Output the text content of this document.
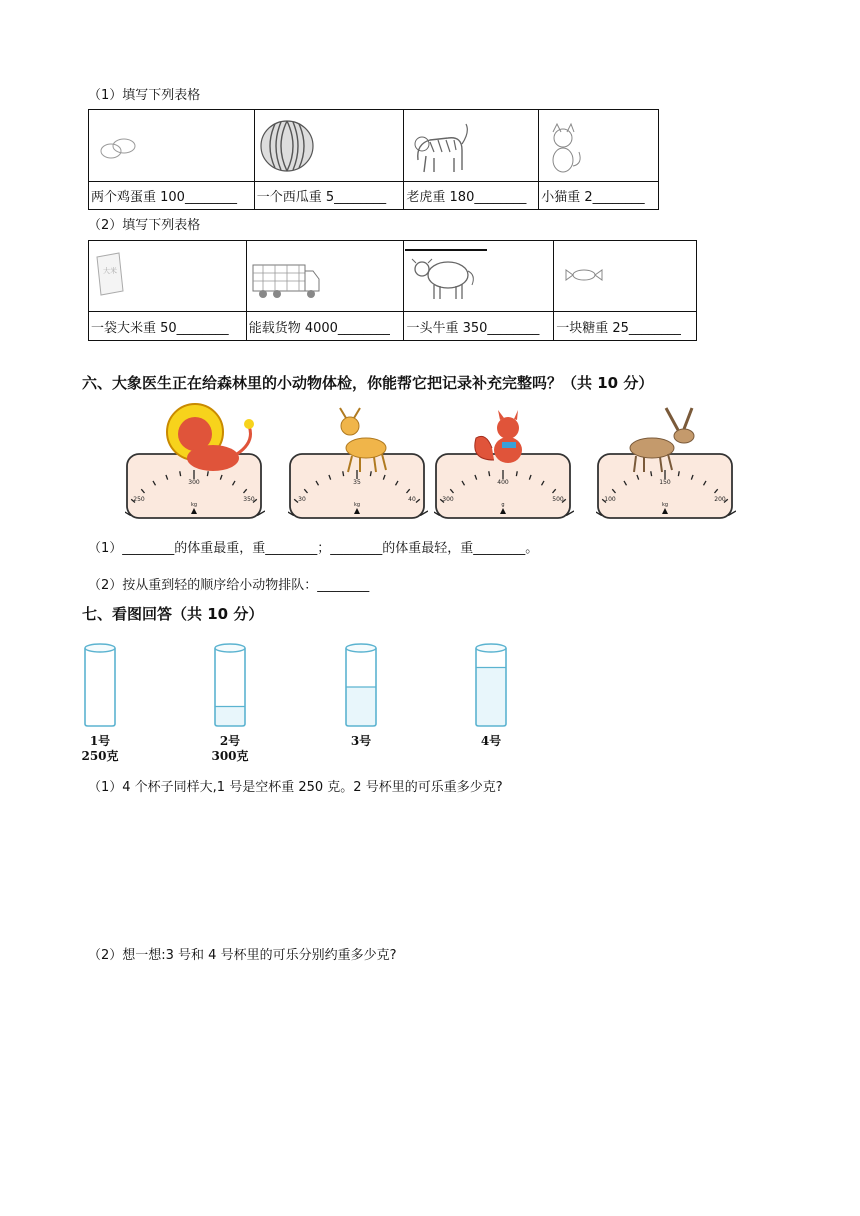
（1）填写下列表格

两个鸡蛋重 100________	一个西瓜重 5________	老虎重 180________	小猫重 2________
（2）填写下列表格
大米

一袋大米重 50________	能载货物 4000________	一头牛重 350________	一块糖重 25________
六、大象医生正在给森林里的小动物体检，你能帮它把记录补充完整吗？（共 10 分）
250
300
350
kg
30
35
40
kg
300
400
500
g
100
150
200
kg
（1）________的体重最重，重________；________的体重最轻，重________。
（2）按从重到轻的顺序给小动物排队：________
七、看图回答（共 10 分）
1号
250克
2号
300克
3号	4号
（1）4 个杯子同样大,1 号是空杯重 250 克。2 号杯里的可乐重多少克?
（2）想一想:3 号和 4 号杯里的可乐分别约重多少克?
